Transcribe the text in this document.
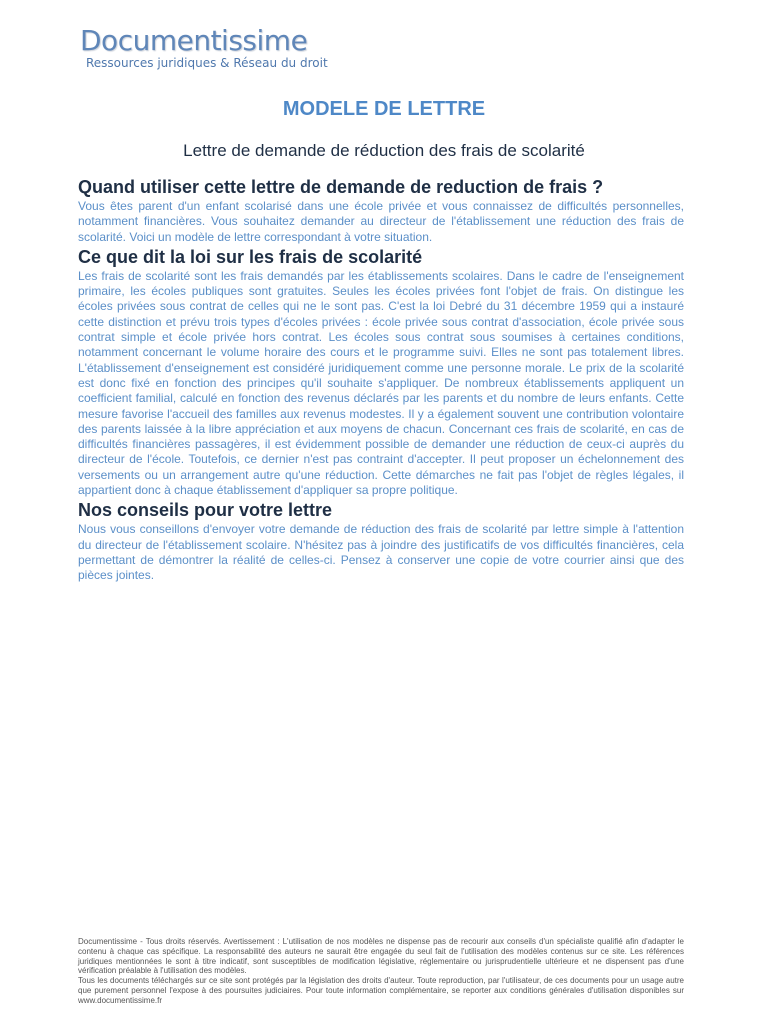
Documentissime
Ressources juridiques & Réseau du droit
MODELE DE LETTRE
Lettre de demande de réduction des frais de scolarité
Quand utiliser cette lettre de demande de reduction de frais ?

Vous êtes parent d'un enfant scolarisé dans une école privée et vous connaissez de difficultés personnelles, notamment financières. Vous souhaitez demander au directeur de l'établissement une réduction des frais de scolarité. Voici un modèle de lettre correspondant à votre situation.

Ce que dit la loi sur les frais de scolarité

Les frais de scolarité sont les frais demandés par les établissements scolaires. Dans le cadre de l'enseignement primaire, les écoles publiques sont gratuites. Seules les écoles privées font l'objet de frais. On distingue les écoles privées sous contrat de celles qui ne le sont pas. C'est la loi Debré du 31 décembre 1959 qui a instauré cette distinction et prévu trois types d'écoles privées : école privée sous contrat d'association, école privée sous contrat simple et école privée hors contrat. Les écoles sous contrat sous soumises à certaines conditions, notamment concernant le volume horaire des cours et le programme suivi. Elles ne sont pas totalement libres. L'établissement d'enseignement est considéré juridiquement comme une personne morale. Le prix de la scolarité est donc fixé en fonction des principes qu'il souhaite s'appliquer. De nombreux établissements appliquent un coefficient familial, calculé en fonction des revenus déclarés par les parents et du nombre de leurs enfants. Cette mesure favorise l'accueil des familles aux revenus modestes. Il y a également souvent une contribution volontaire des parents laissée à la libre appréciation et aux moyens de chacun. Concernant ces frais de scolarité, en cas de difficultés financières passagères, il est évidemment possible de demander une réduction de ceux-ci auprès du directeur de l'école. Toutefois, ce dernier n'est pas contraint d'accepter. Il peut proposer un échelonnement des versements ou un arrangement autre qu'une réduction. Cette démarches ne fait pas l'objet de règles légales, il appartient donc à chaque établissement d'appliquer sa propre politique.

Nos conseils pour votre lettre

Nous vous conseillons d'envoyer votre demande de réduction des frais de scolarité par lettre simple à l'attention du directeur de l'établissement scolaire. N'hésitez pas à joindre des justificatifs de vos difficultés financières, cela permettant de démontrer la réalité de celles-ci. Pensez à conserver une copie de votre courrier ainsi que des pièces jointes.

Documentissime - Tous droits réservés. Avertissement : L'utilisation de nos modèles ne dispense pas de recourir aux conseils d'un spécialiste qualifié afin d'adapter le contenu à chaque cas spécifique. La responsabilité des auteurs ne saurait être engagée du seul fait de l'utilisation des modèles contenus sur ce site. Les références juridiques mentionnées le sont à titre indicatif, sont susceptibles de modification législative, réglementaire ou jurisprudentielle ultérieure et ne dispensent pas d'une vérification préalable à l'utilisation des modèles.

Tous les documents téléchargés sur ce site sont protégés par la législation des droits d'auteur. Toute reproduction, par l'utilisateur, de ces documents pour un usage autre que purement personnel l'expose à des poursuites judiciaires. Pour toute information complémentaire, se reporter aux conditions générales d'utilisation disponibles sur www.documentissime.fr
